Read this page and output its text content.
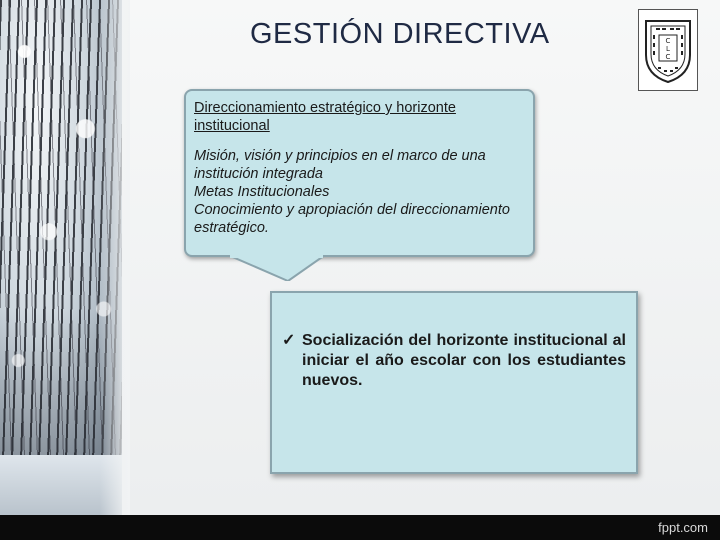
GESTIÓN DIRECTIVA	C
L
C

Direccionamiento estratégico y horizonte institucional

Misión, visión y principios en el marco de una institución integrada

Metas Institucionales

Conocimiento y apropiación del direccionamiento estratégico.

✓ Socialización del horizonte institucional al iniciar el año escolar con los estudiantes nuevos.
fppt.com
